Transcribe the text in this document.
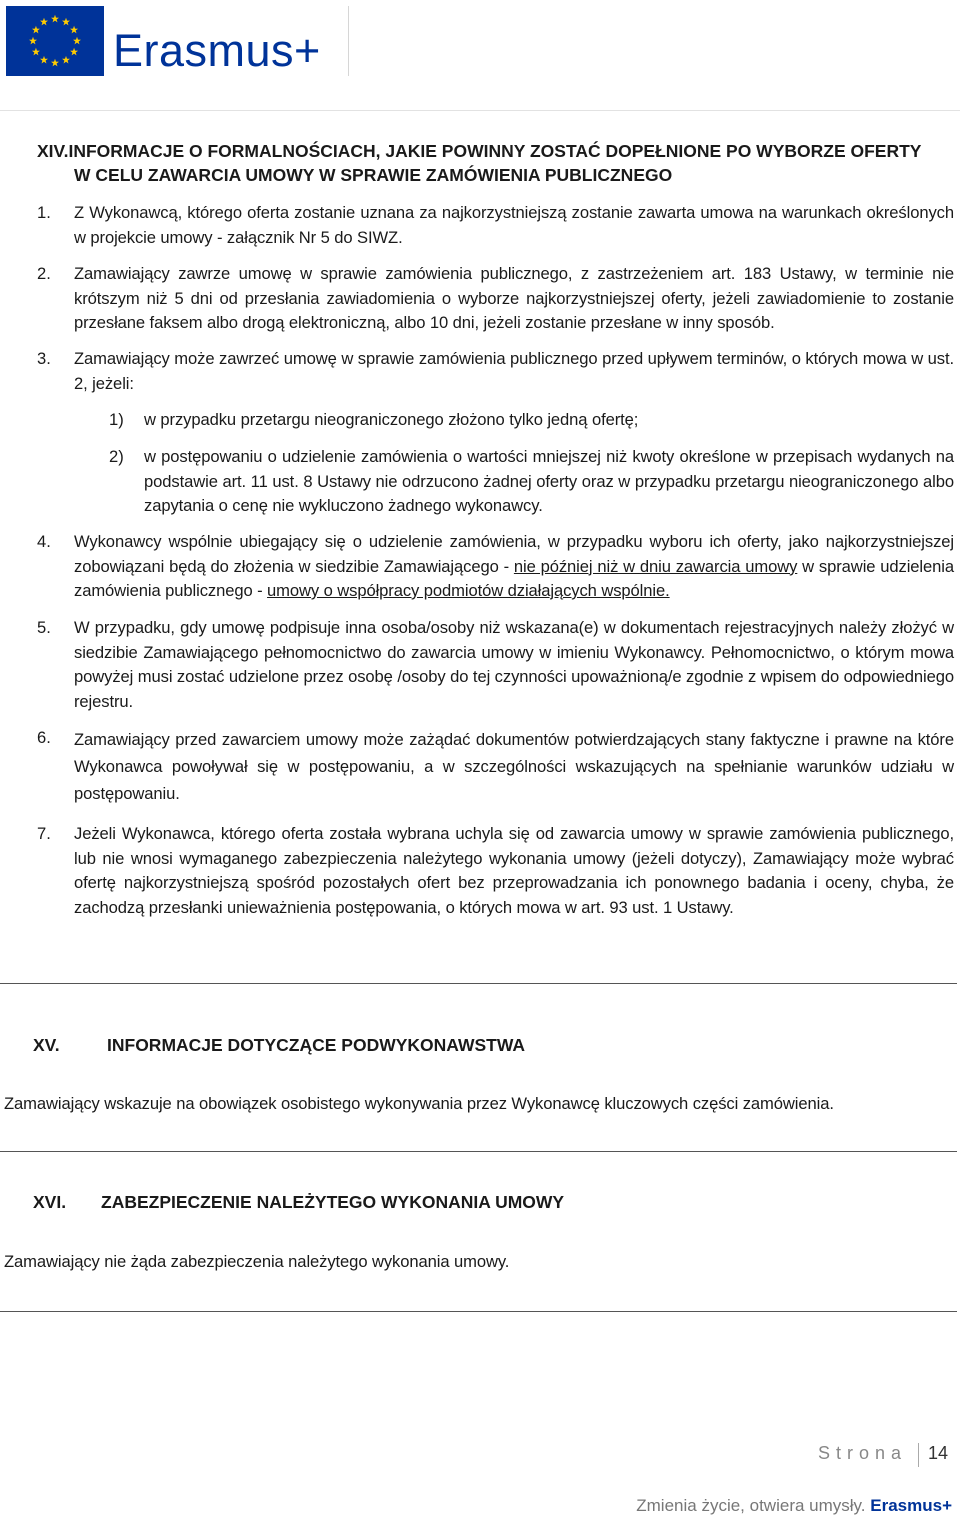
Erasmus+
XIV.INFORMACJE O FORMALNOŚCIACH, JAKIE POWINNY ZOSTAĆ DOPEŁNIONE PO WYBORZE OFERTY
W CELU ZAWARCIA UMOWY W SPRAWIE ZAMÓWIENIA PUBLICZNEGO
1. Z Wykonawcą, którego oferta zostanie uznana za najkorzystniejszą zostanie zawarta umowa na warunkach określonych w projekcie umowy - załącznik Nr 5 do SIWZ.

2. Zamawiający zawrze umowę w sprawie zamówienia publicznego, z zastrzeżeniem art. 183 Ustawy, w terminie nie krótszym niż 5 dni od przesłania zawiadomienia o wyborze najkorzystniejszej oferty, jeżeli zawiadomienie to zostanie przesłane faksem albo drogą elektroniczną, albo 10 dni, jeżeli zostanie przesłane w inny sposób.

3. Zamawiający może zawrzeć umowę w sprawie zamówienia publicznego przed upływem terminów, o których mowa w ust. 2, jeżeli:

1) w przypadku przetargu nieograniczonego złożono tylko jedną ofertę;

2) w postępowaniu o udzielenie zamówienia o wartości mniejszej niż kwoty określone w przepisach wydanych na podstawie art. 11 ust. 8 Ustawy nie odrzucono żadnej oferty oraz w przypadku przetargu nieograniczonego albo zapytania o cenę nie wykluczono żadnego wykonawcy.

4. Wykonawcy wspólnie ubiegający się o udzielenie zamówienia, w przypadku wyboru ich oferty, jako najkorzystniejszej zobowiązani będą do złożenia w siedzibie Zamawiającego - nie później niż w dniu zawarcia umowy w sprawie udzielenia zamówienia publicznego - umowy o współpracy podmiotów działających wspólnie.

5. W przypadku, gdy umowę podpisuje inna osoba/osoby niż wskazana(e) w dokumentach rejestracyjnych należy złożyć w siedzibie Zamawiającego pełnomocnictwo do zawarcia umowy w imieniu Wykonawcy. Pełnomocnictwo, o którym mowa powyżej musi zostać udzielone przez osobę /osoby do tej czynności upoważnioną/e zgodnie z wpisem do odpowiedniego rejestru.

6. Zamawiający przed zawarciem umowy może zażądać dokumentów potwierdzających stany faktyczne i prawne na które Wykonawca powoływał się w postępowaniu, a w szczególności wskazujących na spełnianie warunków udziału w postępowaniu.

7. Jeżeli Wykonawca, którego oferta została wybrana uchyla się od zawarcia umowy w sprawie zamówienia publicznego, lub nie wnosi wymaganego zabezpieczenia należytego wykonania umowy (jeżeli dotyczy), Zamawiający może wybrać ofertę najkorzystniejszą spośród pozostałych ofert bez przeprowadzania ich ponownego badania i oceny, chyba, że zachodzą przesłanki unieważnienia postępowania, o których mowa w art. 93 ust. 1 Ustawy.

XV.	INFORMACJE DOTYCZĄCE PODWYKONAWSTWA

Zamawiający wskazuje na obowiązek osobistego wykonywania przez Wykonawcę kluczowych części zamówienia.

XVI. ZABEZPIECZENIE NALEŻYTEGO WYKONANIA UMOWY

Zamawiający nie żąda zabezpieczenia należytego wykonania umowy.

Strona 14
Zmienia życie, otwiera umysły. Erasmus+
